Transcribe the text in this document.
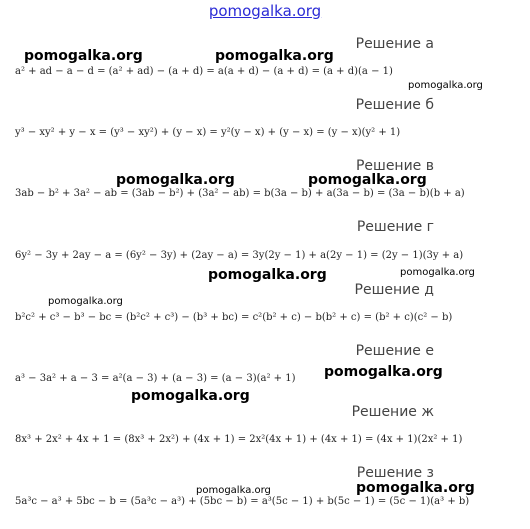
pomogalka.org
Решение а
a² + ad − a − d = (a² + ad) − (a + d) = a(a + d) − (a + d) = (a + d)(a − 1)
Решение б
y³ − xy² + y − x = (y³ − xy²) + (y − x) = y²(y − x) + (y − x) = (y − x)(y² + 1)
Решение в
3ab − b² + 3a² − ab = (3ab − b²) + (3a² − ab) = b(3a − b) + a(3a − b) = (3a − b)(b + a)
Решение г
6y² − 3y + 2ay − a = (6y² − 3y) + (2ay − a) = 3y(2y − 1) + a(2y − 1) = (2y − 1)(3y + a)
Решение д
b²c² + c³ − b³ − bc = (b²c² + c³) − (b³ + bc) = c²(b² + c) − b(b² + c) = (b² + c)(c² − b)
Решение е
a³ − 3a² + a − 3 = a²(a − 3) + (a − 3) = (a − 3)(a² + 1)
Решение ж
8x³ + 2x² + 4x + 1 = (8x³ + 2x²) + (4x + 1) = 2x²(4x + 1) + (4x + 1) = (4x + 1)(2x² + 1)
Решение з
5a³c − a³ + 5bc − b = (5a³c − a³) + (5bc − b) = a³(5c − 1) + b(5c − 1) = (5c − 1)(a³ + b)
pomogalka.org	pomogalka.org
pomogalka.org
pomogalka.org	pomogalka.org
pomogalka.org	pomogalka.org
pomogalka.org
pomogalka.org
pomogalka.org
pomogalka.org	pomogalka.org
